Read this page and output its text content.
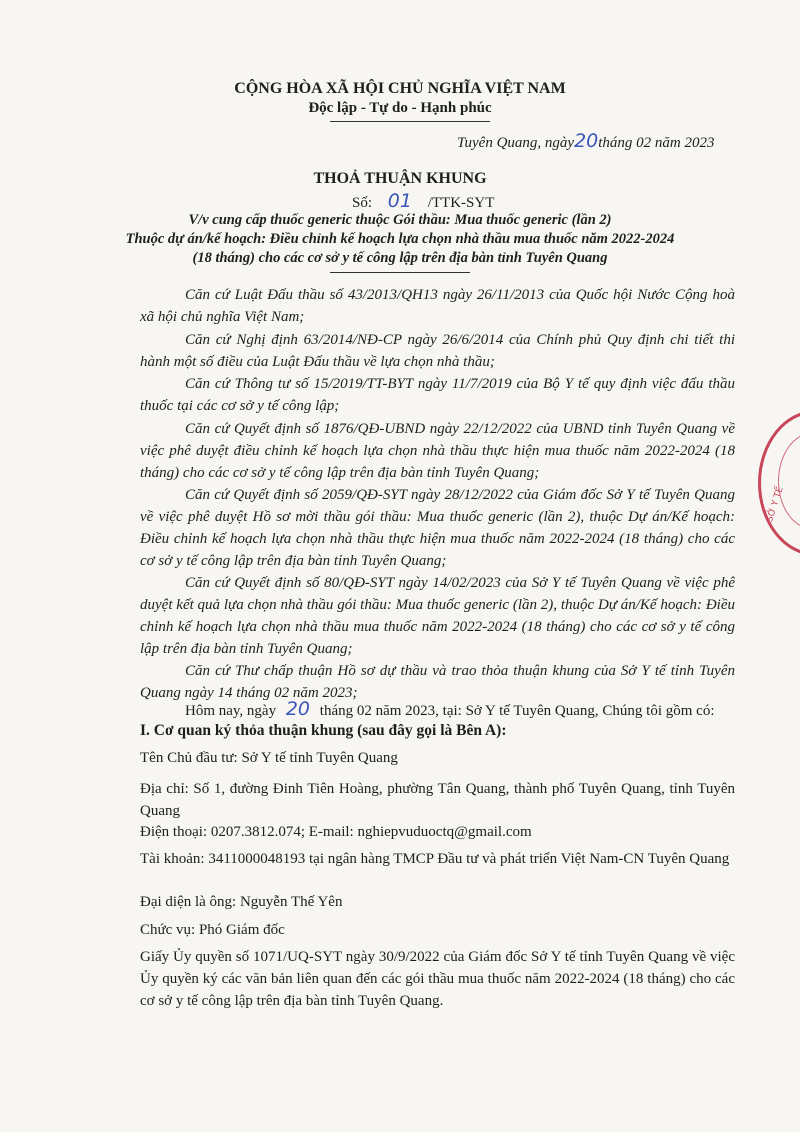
CỘNG HÒA XÃ HỘI CHỦ NGHĨA VIỆT NAM
Độc lập - Tự do - Hạnh phúc
Tuyên Quang, ngày20tháng 02 năm 2023
THOẢ THUẬN KHUNG
Số: 01 /TTK-SYT
V/v cung cấp thuốc generic thuộc Gói thầu: Mua thuốc generic (lần 2)
Thuộc dự án/kế hoạch: Điều chỉnh kế hoạch lựa chọn nhà thầu mua thuốc năm 2022-2024
(18 tháng) cho các cơ sở y tế công lập trên địa bàn tỉnh Tuyên Quang
Căn cứ Luật Đấu thầu số 43/2013/QH13 ngày 26/11/2013 của Quốc hội Nước Cộng hoà xã hội chủ nghĩa Việt Nam;
Căn cứ Nghị định 63/2014/NĐ-CP ngày 26/6/2014 của Chính phủ Quy định chi tiết thi hành một số điều của Luật Đấu thầu về lựa chọn nhà thầu;
Căn cứ Thông tư số 15/2019/TT-BYT ngày 11/7/2019 của Bộ Y tế quy định việc đấu thầu thuốc tại các cơ sở y tế công lập;
Căn cứ Quyết định số 1876/QĐ-UBND ngày 22/12/2022 của UBND tỉnh Tuyên Quang về việc phê duyệt điều chỉnh kế hoạch lựa chọn nhà thầu thực hiện mua thuốc năm 2022-2024 (18 tháng) cho các cơ sở y tế công lập trên địa bàn tỉnh Tuyên Quang;
Căn cứ Quyết định số 2059/QĐ-SYT ngày 28/12/2022 của Giám đốc Sở Y tế Tuyên Quang về việc phê duyệt Hồ sơ mời thầu gói thầu: Mua thuốc generic (lần 2), thuộc Dự án/Kế hoạch: Điều chỉnh kế hoạch lựa chọn nhà thầu thực hiện mua thuốc năm 2022-2024 (18 tháng) cho các cơ sở y tế công lập trên địa bàn tỉnh Tuyên Quang;
Căn cứ Quyết định số 80/QĐ-SYT ngày 14/02/2023 của Sở Y tế Tuyên Quang về việc phê duyệt kết quả lựa chọn nhà thầu gói thầu: Mua thuốc generic (lần 2), thuộc Dự án/Kế hoạch: Điều chỉnh kế hoạch lựa chọn nhà thầu mua thuốc năm 2022-2024 (18 tháng) cho các cơ sở y tế công lập trên địa bàn tỉnh Tuyên Quang;
Căn cứ Thư chấp thuận Hồ sơ dự thầu và trao thỏa thuận khung của Sở Y tế tỉnh Tuyên Quang ngày 14 tháng 02 năm 2023;
Hôm nay, ngày 20 tháng 02 năm 2023, tại: Sở Y tế Tuyên Quang, Chúng tôi gồm có:
I. Cơ quan ký thỏa thuận khung (sau đây gọi là Bên A):
Tên Chủ đầu tư: Sở Y tế tỉnh Tuyên Quang
Địa chỉ: Số 1, đường Đinh Tiên Hoàng, phường Tân Quang, thành phố Tuyên Quang, tỉnh Tuyên Quang
Điện thoại: 0207.3812.074; E-mail: nghiepvuduoctq@gmail.com
Tài khoản: 3411000048193 tại ngân hàng TMCP Đầu tư và phát triển Việt Nam-CN Tuyên Quang
Đại diện là ông: Nguyễn Thế Yên
Chức vụ: Phó Giám đốc
Giấy Ủy quyền số 1071/UQ-SYT ngày 30/9/2022 của Giám đốc Sở Y tế tỉnh Tuyên Quang về việc Ủy quyền ký các văn bản liên quan đến các gói thầu mua thuốc năm 2022-2024 (18 tháng) cho các cơ sở y tế công lập trên địa bàn tỉnh Tuyên Quang.
SỞ Y TẾ
